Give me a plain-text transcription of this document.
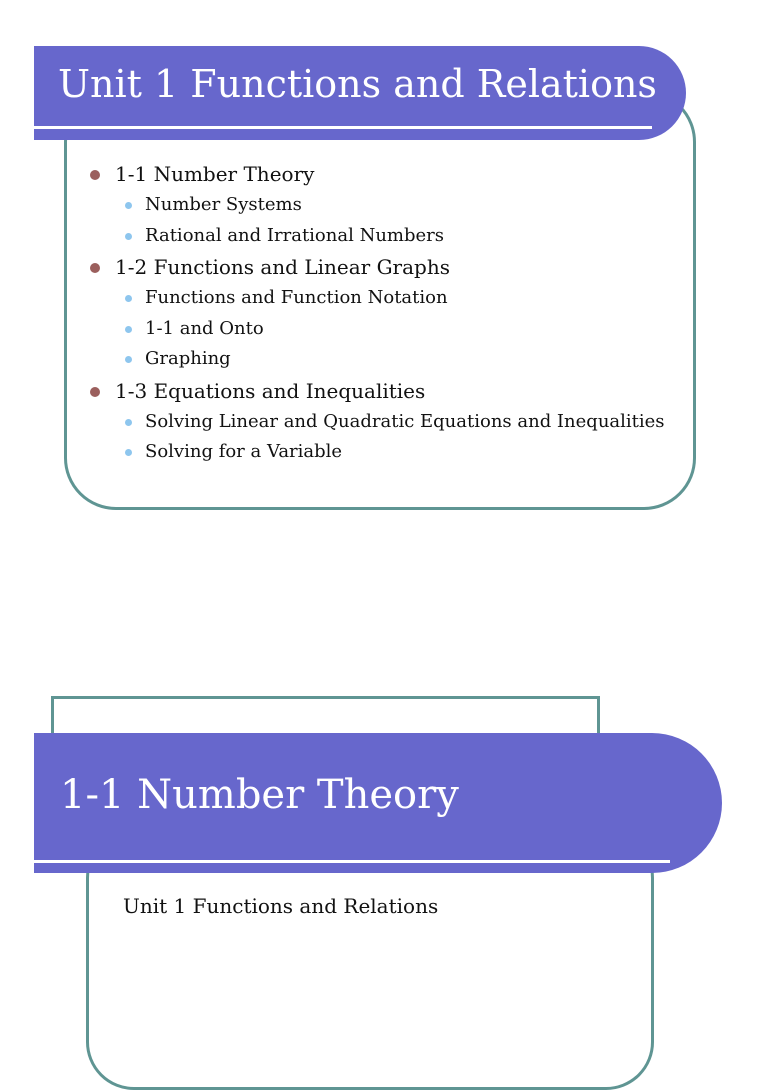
Unit 1 Functions and Relations
1-1 Number Theory
Number Systems
Rational and Irrational Numbers
1-2 Functions and Linear Graphs
Functions and Function Notation
1-1 and Onto
Graphing
1-3 Equations and Inequalities
Solving Linear and Quadratic Equations and Inequalities
Solving for a Variable
1-1 Number Theory

Unit 1 Functions and Relations
